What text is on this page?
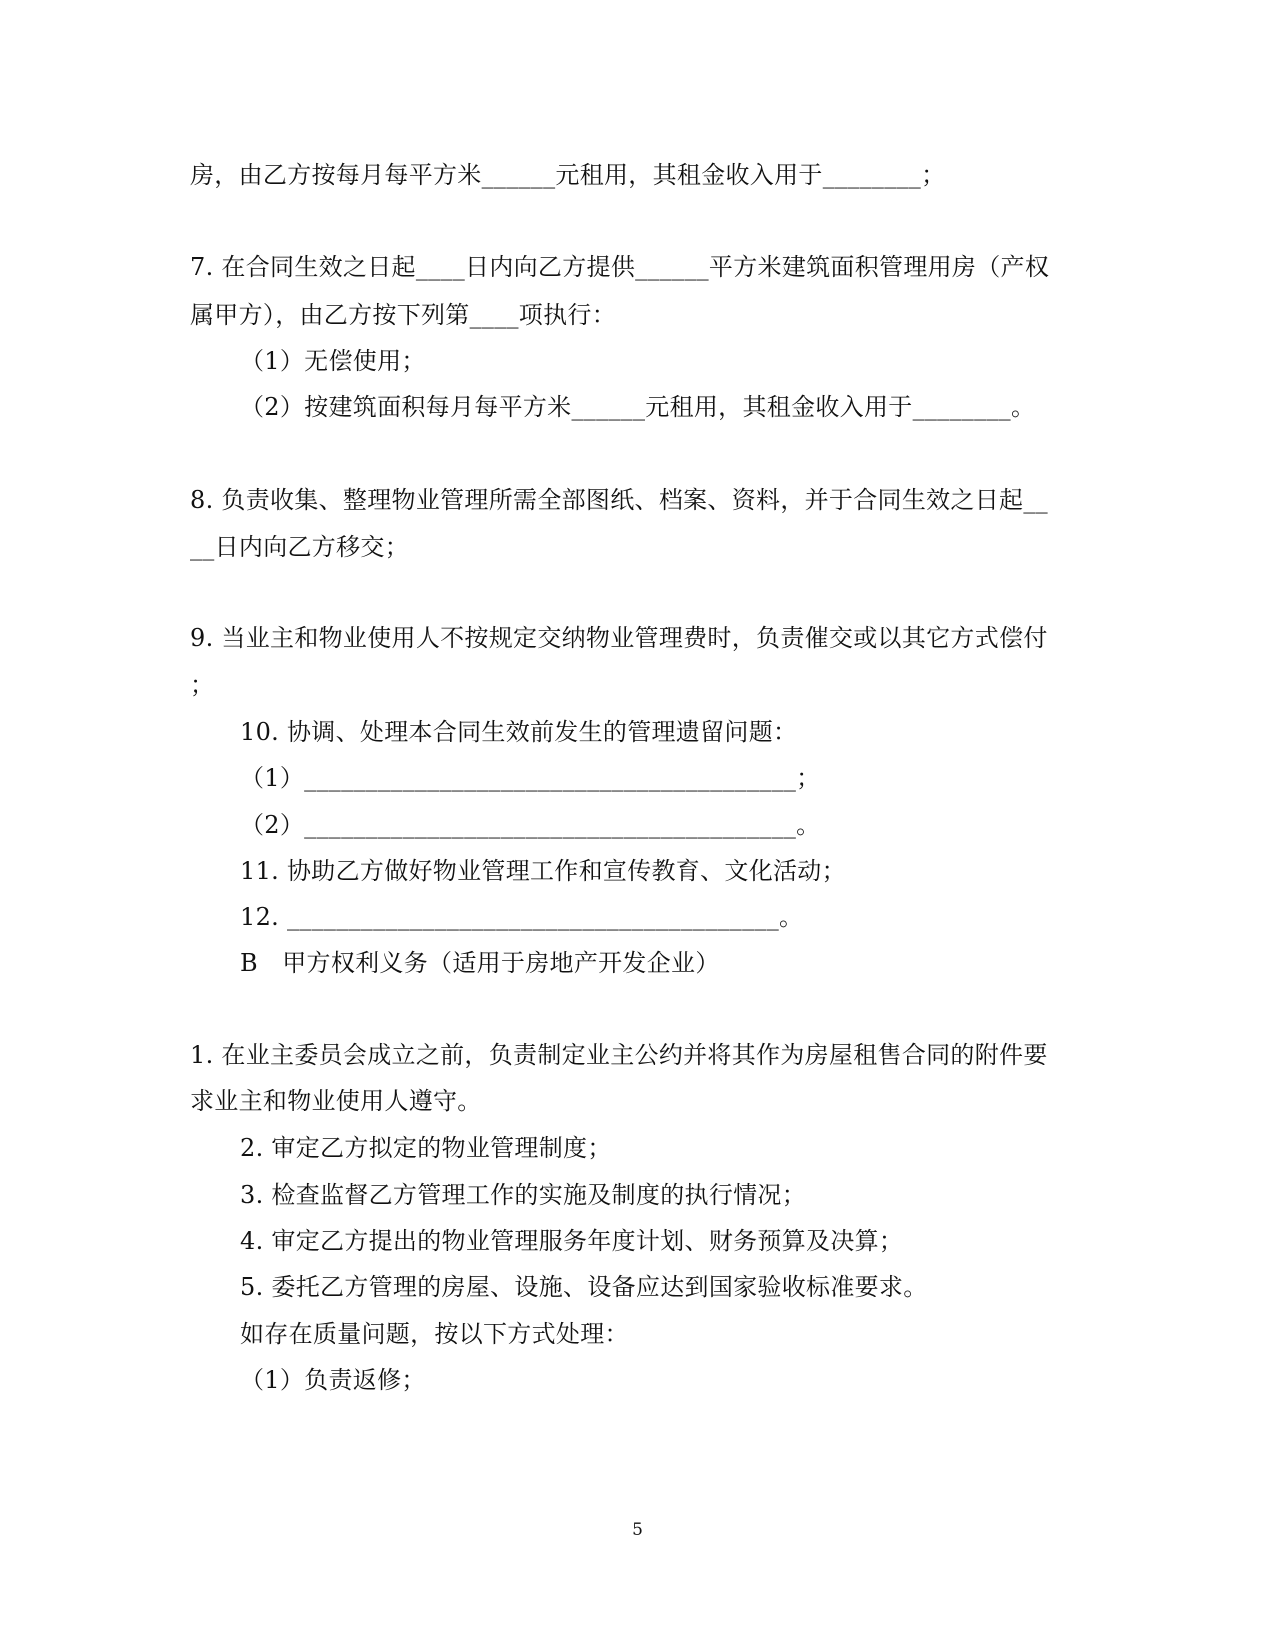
房，由乙方按每月每平方米______元租用，其租金收入用于________；
7. 在合同生效之日起____日内向乙方提供______平方米建筑面积管理用房（产权
属甲方），由乙方按下列第____项执行：
（1）无偿使用；
（2）按建筑面积每月每平方米______元租用，其租金收入用于________。
8. 负责收集、整理物业管理所需全部图纸、档案、资料，并于合同生效之日起__
__日内向乙方移交；
9. 当业主和物业使用人不按规定交纳物业管理费时，负责催交或以其它方式偿付
；
10. 协调、处理本合同生效前发生的管理遗留问题：
（1）________________________________________；
（2）________________________________________。
11. 协助乙方做好物业管理工作和宣传教育、文化活动；
12. ________________________________________。
B　甲方权利义务（适用于房地产开发企业）
1. 在业主委员会成立之前，负责制定业主公约并将其作为房屋租售合同的附件要
求业主和物业使用人遵守。
2. 审定乙方拟定的物业管理制度；
3. 检查监督乙方管理工作的实施及制度的执行情况；
4. 审定乙方提出的物业管理服务年度计划、财务预算及决算；
5. 委托乙方管理的房屋、设施、设备应达到国家验收标准要求。
如存在质量问题，按以下方式处理：
（1）负责返修；
5
